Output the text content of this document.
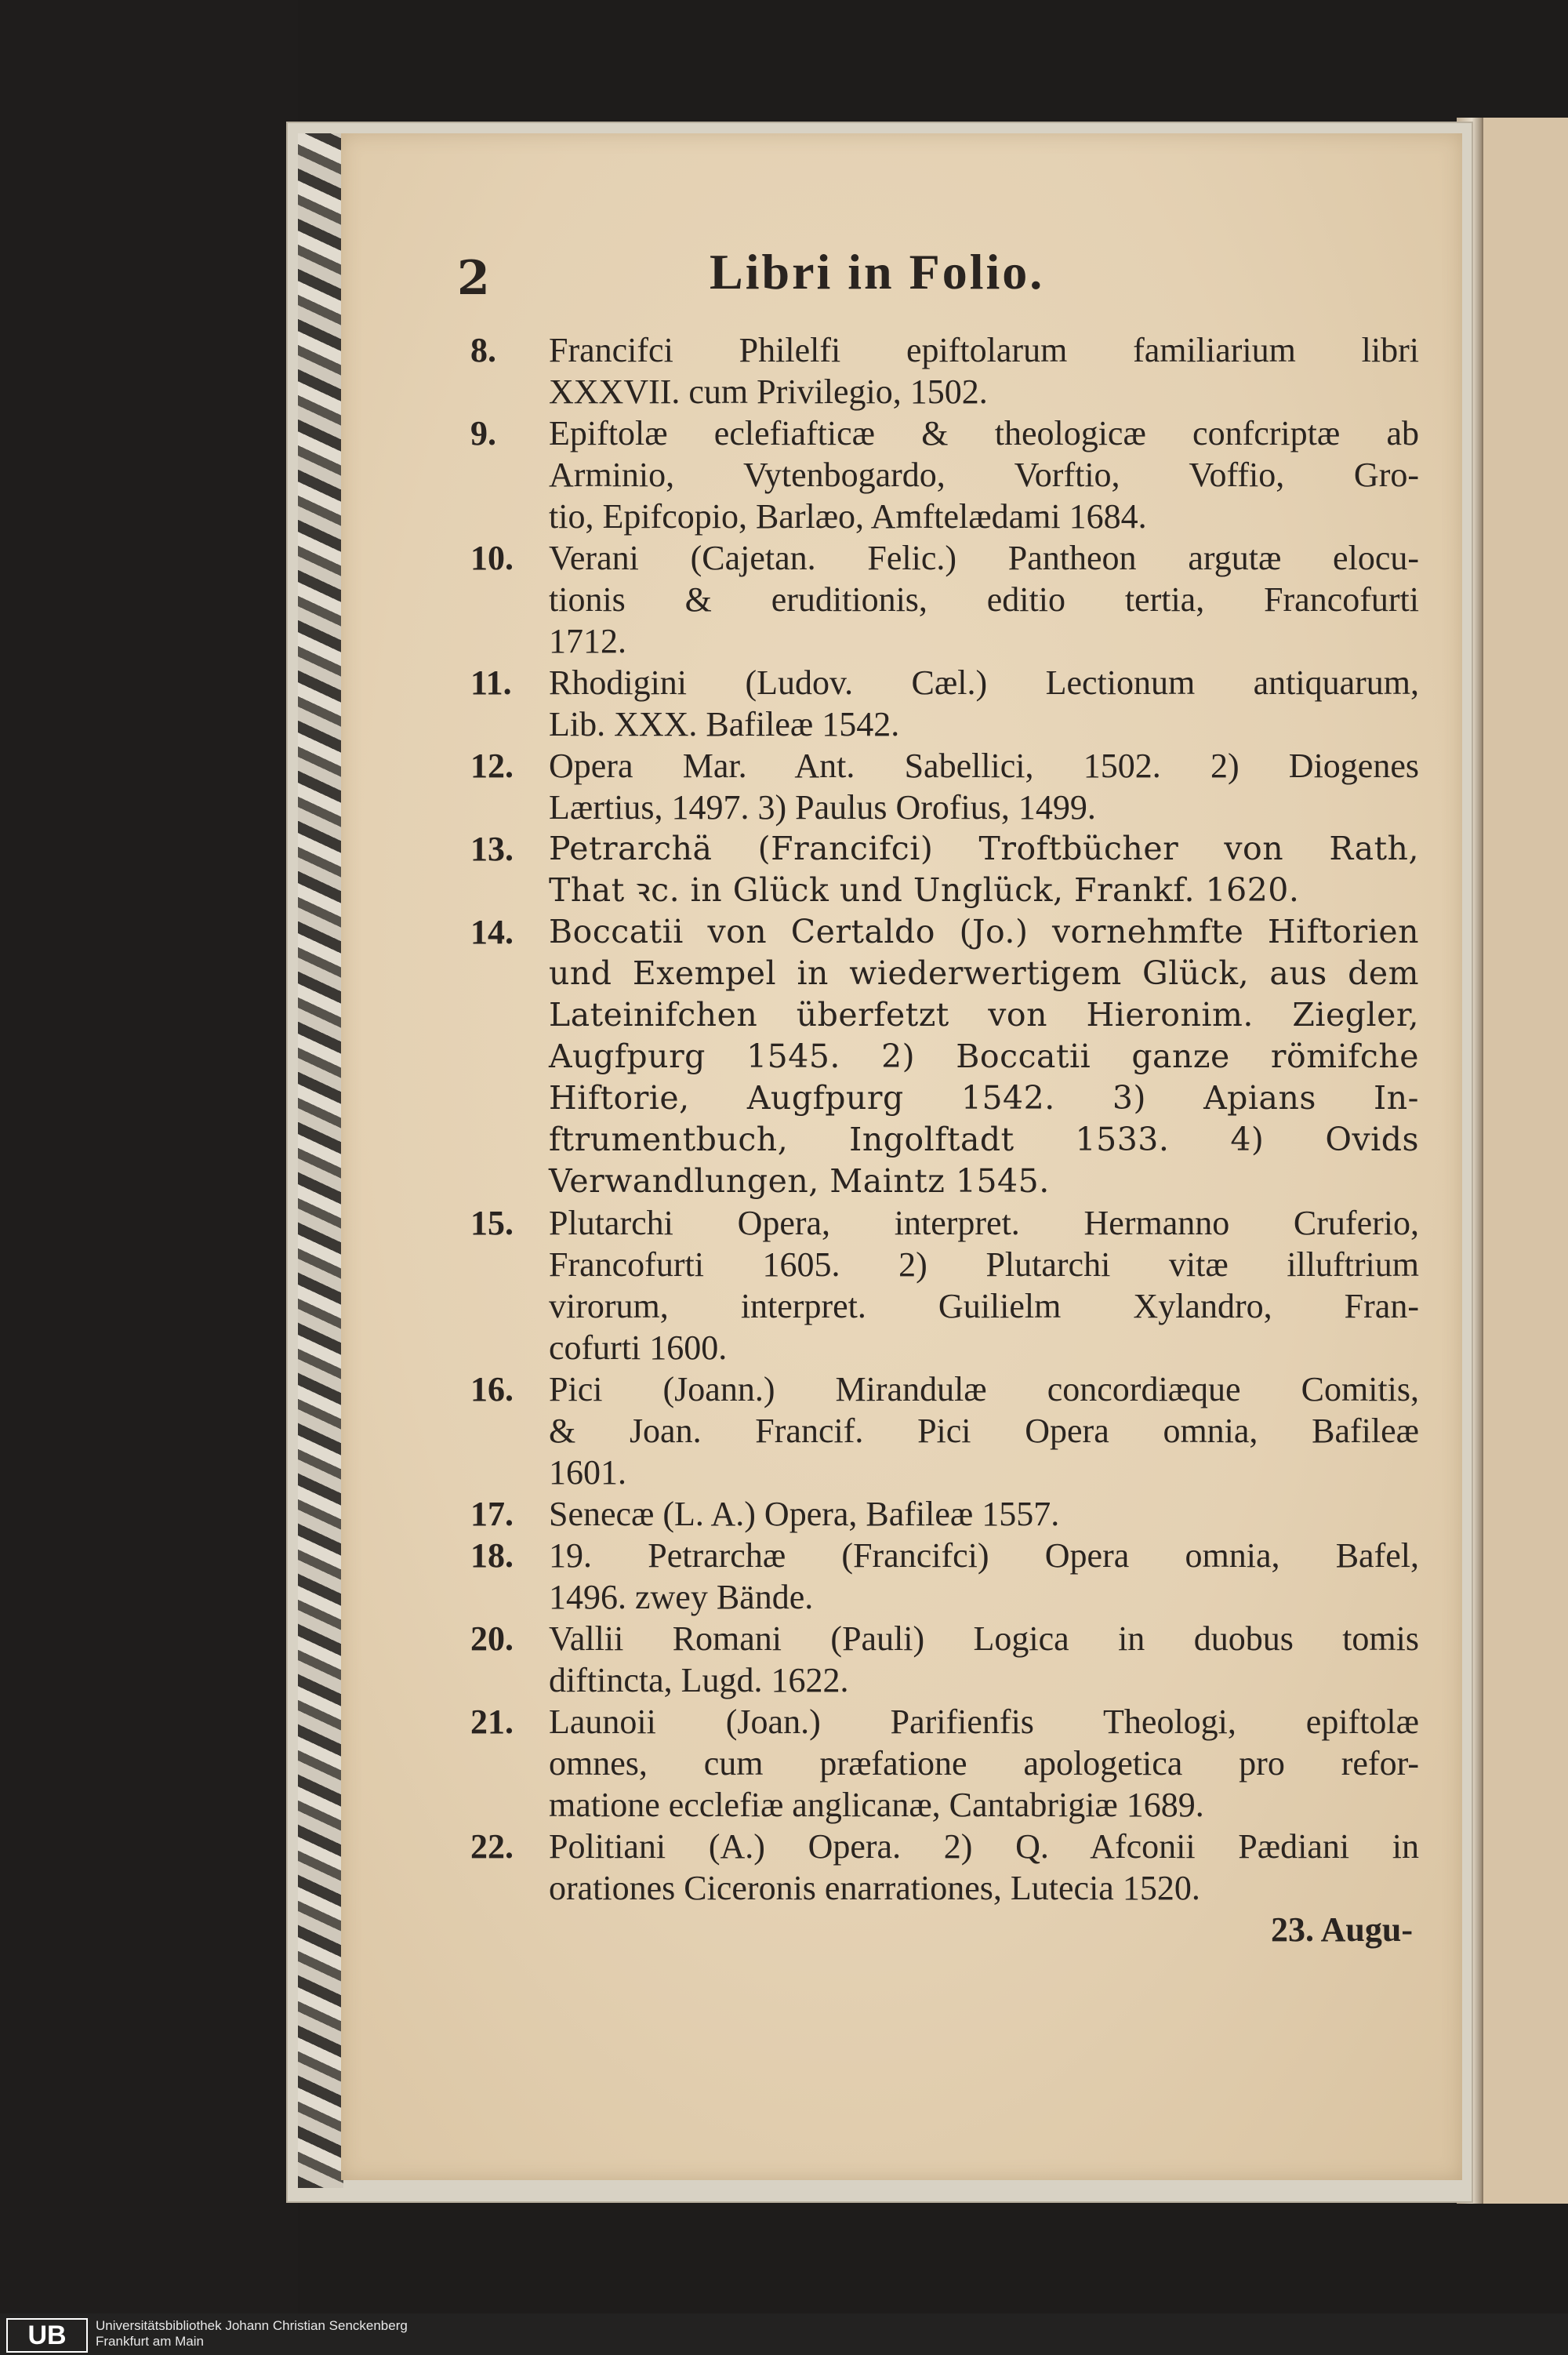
2	Libri in Folio.
8. Francifci Philelfi epiftolarum familiarium libri
XXXVII. cum Privilegio, 1502.
9. Epiftolæ eclefiafticæ & theologicæ confcriptæ ab
Arminio, Vytenbogardo, Vorftio, Voffio, Gro-
tio, Epifcopio, Barlæo, Amftelædami 1684.
10. Verani (Cajetan. Felic.) Pantheon argutæ elocu-
tionis & eruditionis, editio tertia, Francofurti
1712.
11. Rhodigini (Ludov. Cæl.) Lectionum antiquarum,
Lib. XXX. Bafileæ 1542.
12. Opera Mar. Ant. Sabellici, 1502. 2) Diogenes
Lærtius, 1497. 3) Paulus Orofius, 1499.
13. Petrarchä (Francifci) Troftbücher von Rath,
That ꝛc. in Glück und Unglück, Frankf. 1620.
14. Boccatii von Certaldo (Jo.) vornehmfte Hiftorien
und Exempel in wiederwertigem Glück, aus dem
Lateinifchen überfetzt von Hieronim. Ziegler,
Augfpurg 1545. 2) Boccatii ganze römifche
Hiftorie, Augfpurg 1542. 3) Apians In-
ftrumentbuch, Ingolftadt 1533. 4) Ovids
Verwandlungen, Maintz 1545.
15. Plutarchi Opera, interpret. Hermanno Cruferio,
Francofurti 1605. 2) Plutarchi vitæ illuftrium
virorum, interpret. Guilielm Xylandro, Fran-
cofurti 1600.
16. Pici (Joann.) Mirandulæ concordiæque Comitis,
& Joan. Francif. Pici Opera omnia, Bafileæ
1601.
17. Senecæ (L. A.) Opera, Bafileæ 1557.
18. 19. Petrarchæ (Francifci) Opera omnia, Bafel,
1496. zwey Bände.
20. Vallii Romani (Pauli) Logica in duobus tomis
diftincta, Lugd. 1622.
21. Launoii (Joan.) Parifienfis Theologi, epiftolæ
omnes, cum præfatione apologetica pro refor-
matione ecclefiæ anglicanæ, Cantabrigiæ 1689.
22. Politiani (A.) Opera. 2) Q. Afconii Pædiani in
orationes Ciceronis enarrationes, Lutecia 1520.
23. Augu-
UB	Universitätsbibliothek Johann Christian Senckenberg
Frankfurt am Main
